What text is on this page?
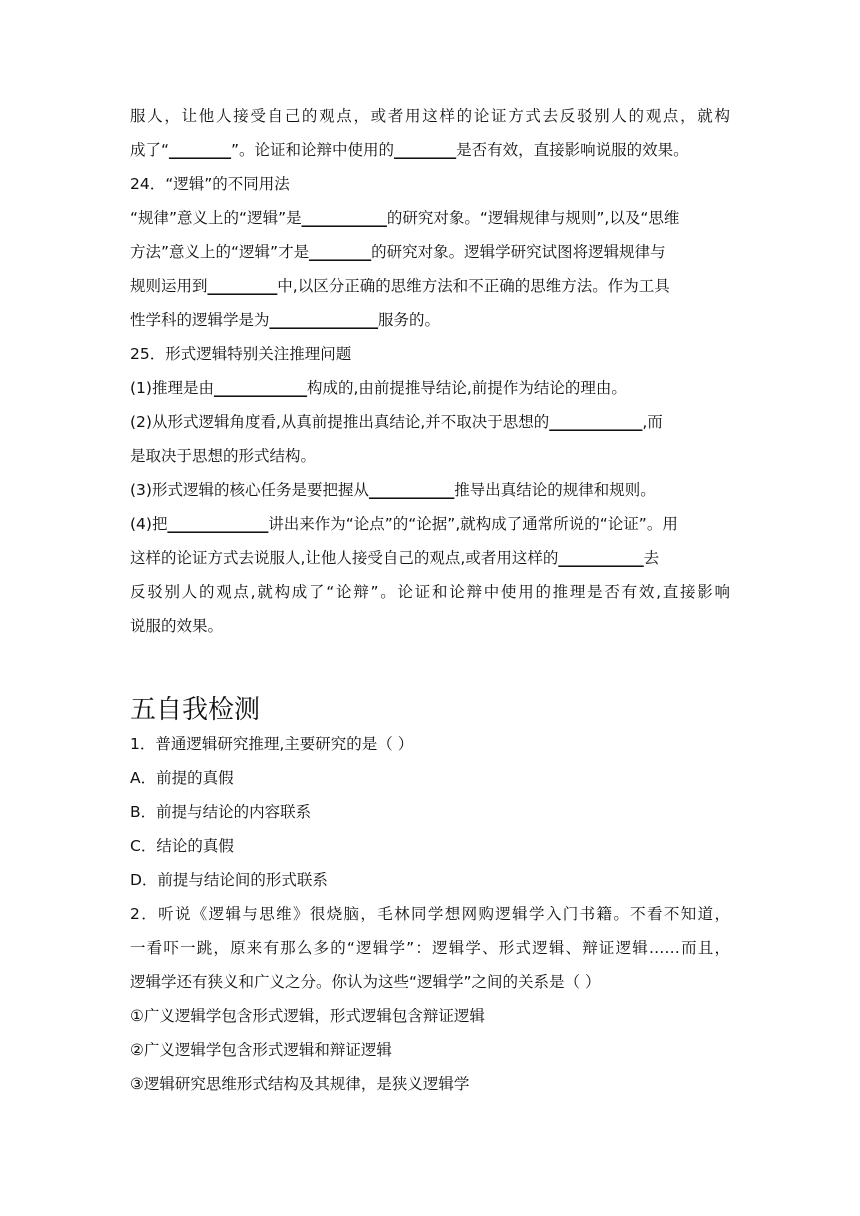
服人，让他人接受自己的观点，或者用这样的论证方式去反驳别人的观点，就构
成了“________”。论证和论辩中使用的________是否有效，直接影响说服的效果。
24．“逻辑”的不同用法
“规律”意义上的“逻辑”是___________的研究对象。“逻辑规律与规则”,以及“思维
方法”意义上的“逻辑”才是________的研究对象。逻辑学研究试图将逻辑规律与
规则运用到_________中,以区分正确的思维方法和不正确的思维方法。作为工具
性学科的逻辑学是为______________服务的。
25．形式逻辑特别关注推理问题
(1)推理是由____________构成的,由前提推导结论,前提作为结论的理由。
(2)从形式逻辑角度看,从真前提推出真结论,并不取决于思想的____________,而
是取决于思想的形式结构。
(3)形式逻辑的核心任务是要把握从___________推导出真结论的规律和规则。
(4)把_____________讲出来作为“论点”的“论据”,就构成了通常所说的“论证”。用
这样的论证方式去说服人,让他人接受自己的观点,或者用这样的___________去
反驳别人的观点,就构成了“论辩”。论证和论辩中使用的推理是否有效,直接影响
说服的效果。
五自我检测
1．普通逻辑研究推理,主要研究的是（ ）
A．前提的真假
B．前提与结论的内容联系
C．结论的真假
D．前提与结论间的形式联系
2．听说《逻辑与思维》很烧脑，毛林同学想网购逻辑学入门书籍。不看不知道，
一看吓一跳，原来有那么多的“逻辑学”：逻辑学、形式逻辑、辩证逻辑……而且，
逻辑学还有狭义和广义之分。你认为这些“逻辑学”之间的关系是（ ）
①广义逻辑学包含形式逻辑，形式逻辑包含辩证逻辑
②广义逻辑学包含形式逻辑和辩证逻辑
③逻辑研究思维形式结构及其规律，是狭义逻辑学
